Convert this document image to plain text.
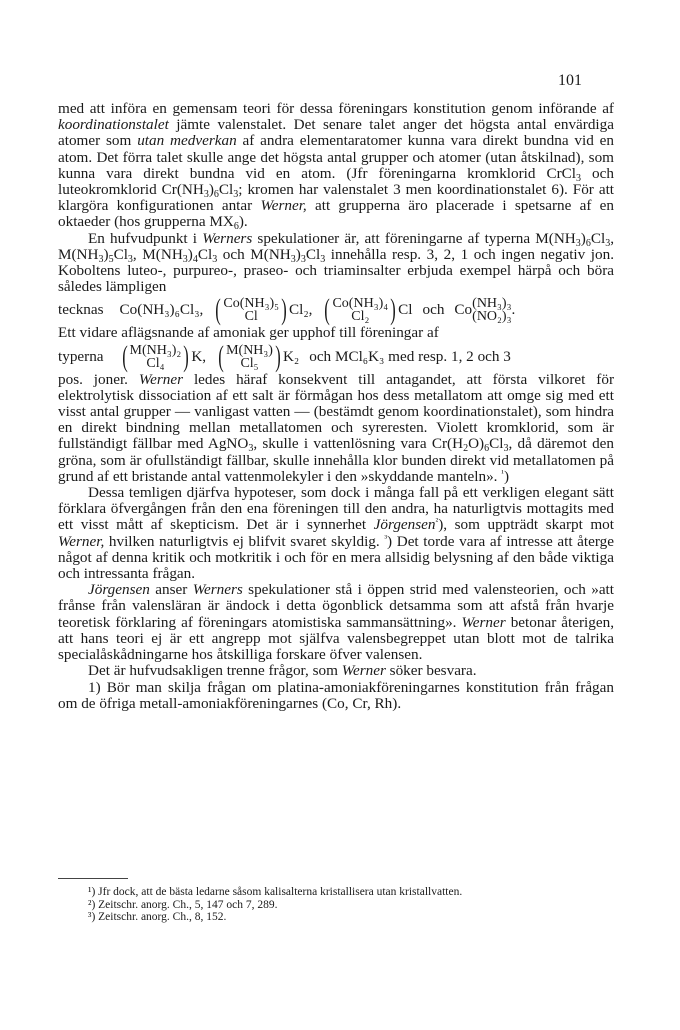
101

med att införa en gemensam teori för dessa föreningars konstitution genom införande af koordinationstalet jämte valenstalet. Det senare talet anger det högsta antal envärdiga atomer som utan medverkan af andra elementaratomer kunna vara direkt bundna vid en atom. Det förra talet skulle ange det högsta antal grupper och atomer (utan åtskilnad), som kunna vara direkt bundna vid en atom. (Jfr föreningarna kromklorid CrCl$_3$ och luteokromklorid $Cr(NH_3)_6Cl_3$; kromen har valenstalet 3 men koordinationstalet 6). För att klargöra konfigurationen antar Werner, att grupperna äro placerade i spetsarne af en oktaeder (hos grupperna $MX_6$).

En hufvudpunkt i Werners spekulationer är, att föreningarne af typerna $M(NH_3)_6Cl_3$, $M(NH_3)_5Cl_3$, $M(NH_3)_4Cl_3$ och $M(NH_3)_3Cl_3$ innehålla resp. 3, 2, 1 och ingen negativ jon. Koboltens luteo-, purpureo-, praseo- och triaminsalter erbjuda exempel härpå och böra således lämpligen

tecknas Co(NH₃)₆Cl₃, ( Co(NH₃)₅
Cl ) Cl₂, ( Co(NH₃)₄
Cl₂ ) Cl och Co (NH₃)₃
(NO₂)₃ .

Ett vidare aflägsnande af amoniak ger upphof till föreningar af

typerna ( M(NH₃)₂
Cl₄ ) K, ( M(NH₃)
Cl₅ ) K₂ och MCl₆K₃ med resp. 1, 2 och 3

pos. joner. Werner ledes häraf konsekvent till antagandet, att första vilkoret för elektrolytisk dissociation af ett salt är förmågan hos dess metallatom att omge sig med ett visst antal grupper — vanligast vatten — (bestämdt genom koordinationstalet), som hindra en direkt bindning mellan metallatomen och syreresten. Violett kromklorid, som är fullständigt fällbar med AgNO$_3$, skulle i vattenlösning vara $Cr(H_2O)_6Cl_3$, då däremot den gröna, som är ofullständigt fällbar, skulle innehålla klor bunden direkt vid metallatomen på grund af ett bristande antal vattenmolekyler i den »skyddande manteln». $^{^1}$)

Dessa temligen djärfva hypoteser, som dock i många fall på ett verkligen elegant sätt förklara öfvergången från den ena föreningen till den andra, ha naturligtvis mottagits med ett visst mått af skepticism. Det är i synnerhet Jörgensen$^{^2}$), som uppträdt skarpt mot Werner, hvilken naturligtvis ej blifvit svaret skyldig. $^{^3}$) Det torde vara af intresse att återge något af denna kritik och motkritik i och för en mera allsidig belysning af den både viktiga och intressanta frågan.

Jörgensen anser Werners spekulationer stå i öppen strid med valensteorien, och »att frånse från valensläran är ändock i detta ögonblick detsamma som att afstå från hvarje teoretisk förklaring af föreningars atomistiska sammansättning». Werner betonar återigen, att hans teori ej är ett angrepp mot själfva valensbegreppet utan blott mot de talrika specialåskådningarne hos åtskilliga forskare öfver valensen.

Det är hufvudsakligen trenne frågor, som Werner söker besvara.

1) Bör man skilja frågan om platina-amoniakföreningarnes konstitution från frågan om de öfriga metall-amoniakföreningarnes (Co, Cr, Rh).

¹) Jfr dock, att de bästa ledarne såsom kalisalterna kristallisera utan kristallvatten.

²) Zeitschr. anorg. Ch., 5, 147 och 7, 289.

³) Zeitschr. anorg. Ch., 8, 152.
